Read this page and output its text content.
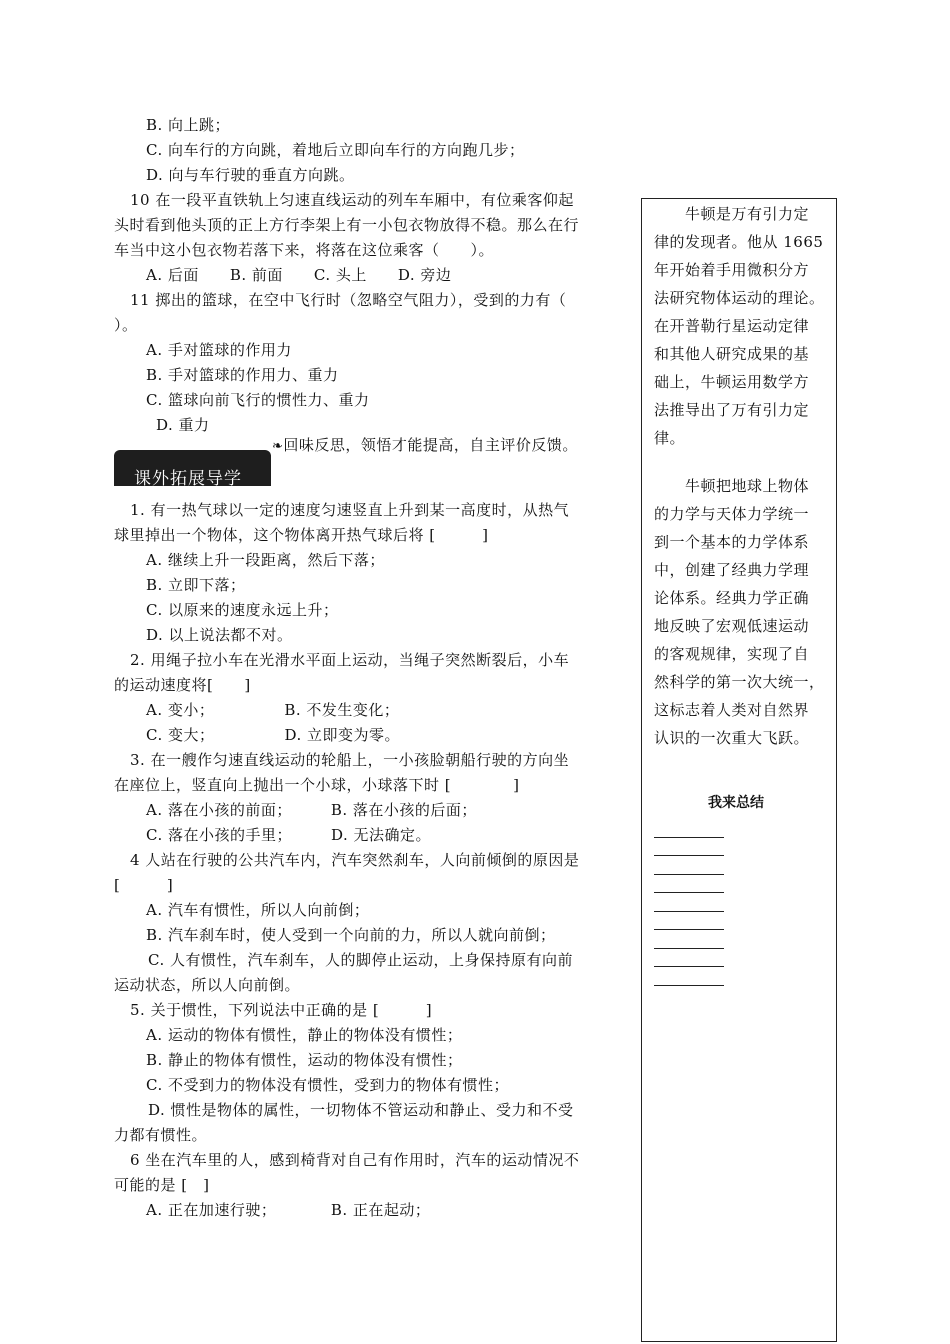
B. 向上跳；
C. 向车行的方向跳，着地后立即向车行的方向跑几步；
D. 向与车行驶的垂直方向跳。
10 在一段平直铁轨上匀速直线运动的列车车厢中，有位乘客仰起
头时看到他头顶的正上方行李架上有一小包衣物放得不稳。那么在行
车当中这小包衣物若落下来，将落在这位乘客（　　）。
A. 后面　　B. 前面　　C. 头上　　D. 旁边
11 掷出的篮球，在空中飞行时（忽略空气阻力），受到的力有（
）。
A. 手对篮球的作用力
B. 手对篮球的作用力、重力
C. 篮球向前飞行的惯性力、重力
D. 重力
❧回味反思，领悟才能提高，自主评价反馈。
课外拓展导学
1. 有一热气球以一定的速度匀速竖直上升到某一高度时，从热气
球里掉出一个物体，这个物体离开热气球后将 [　　　]
A. 继续上升一段距离，然后下落；
B. 立即下落；
C. 以原来的速度永远上升；
D. 以上说法都不对。
2. 用绳子拉小车在光滑水平面上运动，当绳子突然断裂后，小车
的运动速度将[　　]
A. 变小；　　　　　B. 不发生变化；
C. 变大；　　　　　D. 立即变为零。
3. 在一艘作匀速直线运动的轮船上，一小孩脸朝船行驶的方向坐
在座位上，竖直向上抛出一个小球，小球落下时 [　　　　]
A. 落在小孩的前面；　　　B. 落在小孩的后面；
C. 落在小孩的手里；　　　D. 无法确定。
4 人站在行驶的公共汽车内，汽车突然刹车，人向前倾倒的原因是
[　　　]
A. 汽车有惯性，所以人向前倒；
B. 汽车刹车时，使人受到一个向前的力，所以人就向前倒；
C. 人有惯性，汽车刹车，人的脚停止运动，上身保持原有向前
运动状态，所以人向前倒。
5. 关于惯性，下列说法中正确的是 [　　　]
A. 运动的物体有惯性，静止的物体没有惯性；
B. 静止的物体有惯性，运动的物体没有惯性；
C. 不受到力的物体没有惯性，受到力的物体有惯性；
D. 惯性是物体的属性，一切物体不管运动和静止、受力和不受
力都有惯性。
6 坐在汽车里的人，感到椅背对自己有作用时，汽车的运动情况不
可能的是 [　]
A. 正在加速行驶；　　　　B. 正在起动；
　　牛顿是万有引力定
律的发现者。他从 1665
年开始着手用微积分方
法研究物体运动的理论。
在开普勒行星运动定律
和其他人研究成果的基
础上，牛顿运用数学方
法推导出了万有引力定
律。
　　牛顿把地球上物体
的力学与天体力学统一
到一个基本的力学体系
中，创建了经典力学理
论体系。经典力学正确
地反映了宏观低速运动
的客观规律，实现了自
然科学的第一次大统一，
这标志着人类对自然界
认识的一次重大飞跃。
我来总结
